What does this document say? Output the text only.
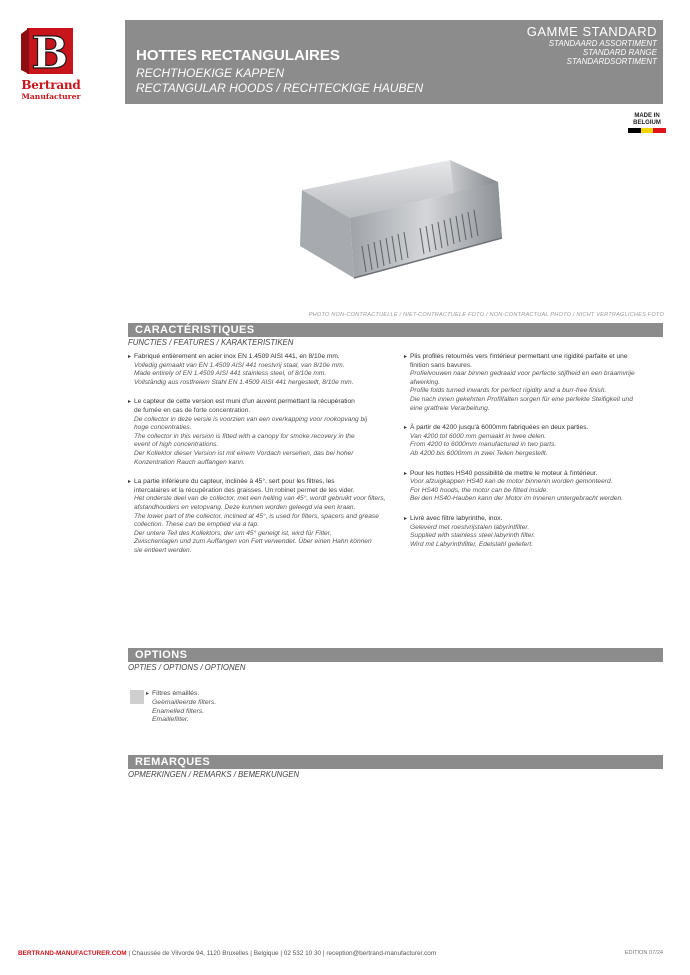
B
Bertrand
Manufacturer
GAMME STANDARD
STANDAARD ASSORTIMENT
STANDARD RANGE
STANDARDSORTIMENT
HOTTES RECTANGULAIRES
RECHTHOEKIGE KAPPEN
RECTANGULAR HOODS / RECHTECKIGE HAUBEN
MADE IN
BELGIUM
PHOTO NON-CONTRACTUELLE / NIET-CONTRACTUELE FOTO / NON-CONTRACTUAL PHOTO / NICHT VERTRAGLICHES FOTO
CARACTÉRISTIQUES
FUNCTIES / FEATURES / KARAKTERISTIKEN
▸ Fabriqué entièrement en acier inox EN 1.4509 AISI 441, en 8/10e mm.
Volledig gemaakt van EN 1.4509 AISI 441 roestvrij staal, van 8/10e mm.
Made entirely of EN 1.4509 AISI 441 stainless steel, of 8/10e mm.
Vollständig aus rostfreiem Stahl EN 1.4509 AISI 441 hergestellt, 8/10e mm.
▸ Le capteur de cette version est muni d'un auvent permettant la récupération
de fumée en cas de forte concentration.
De collector in deze versie is voorzien van een overkapping voor rookopvang bij
hoge concentraties.
The collector in this version is fitted with a canopy for smoke recovery in the
event of high concentrations.
Der Kollektor dieser Version ist mit einem Vordach versehen, das bei hoher
Konzentration Rauch auffangen kann.
▸ La partie inférieure du capteur, inclinée à 45°, sert pour les filtres, les
intercalaires et la récupération des graisses. Un robinet permet de les vider.
Het onderste deel van de collector, met een helling van 45°, wordt gebruikt voor filters,
afstandhouders en vetopvang. Deze kunnen worden geleegd via een kraan.
The lower part of the collector, inclined at 45°, is used for filters, spacers and grease
collection. These can be emptied via a tap.
Der untere Teil des Kollektors, der um 45° geneigt ist, wird für Filter,
Zwischenlagen und zum Auffangen von Fett verwendet. Über einen Hahn können
sie entleert werden.
▸ Plis profilés retournés vers l'intérieur permettant une rigidité parfaite et une
finition sans bavures.
Profielvouwen naar binnen gedraaid voor perfecte stijfheid en een braamvrije
afwerking.
Profile folds turned inwards for perfect rigidity and a burr-free finish.
Die nach innen gekehrten Profilfalten sorgen für eine perfekte Steifigkeit und
eine gratfreie Verarbeitung.
▸ À partir de 4200 jusqu'à 6000mm fabriquées en deux parties.
Van 4200 tot 6000 mm gemaakt in twee delen.
From 4200 to 6000mm manufactured in two parts.
Ab 4200 bis 6000mm in zwei Teilen hergestellt.
▸ Pour les hottes HS40 possibilité de mettre le moteur à l'intérieur.
Voor afzuigkappen HS40 kan de motor binnenin worden gemonteerd.
For HS40 hoods, the motor can be fitted inside.
Bei den HS40-Hauben kann der Motor im Inneren untergebracht werden.
▸ Livré avec filtre labyrinthe, inox.
Geleverd met roestvrijstalen labyrintfilter.
Supplied with stainless steel labyrinth filter.
Wird mit Labyrinthfilter, Edelstahl geliefert.
OPTIONS
OPTIES / OPTIONS / OPTIONEN
▸ Filtres émaillés.
Geëmailleerde filters.
Enamelled filters.
Emaillefilter.
REMARQUES
OPMERKINGEN / REMARKS / BEMERKUNGEN
BERTRAND-MANUFACTURER.COM | Chaussée de Vilvorde 94, 1120 Bruxelles | Belgique | 02 532 10 30 | reception@bertrand-manufacturer.com	EDITION 07/24
